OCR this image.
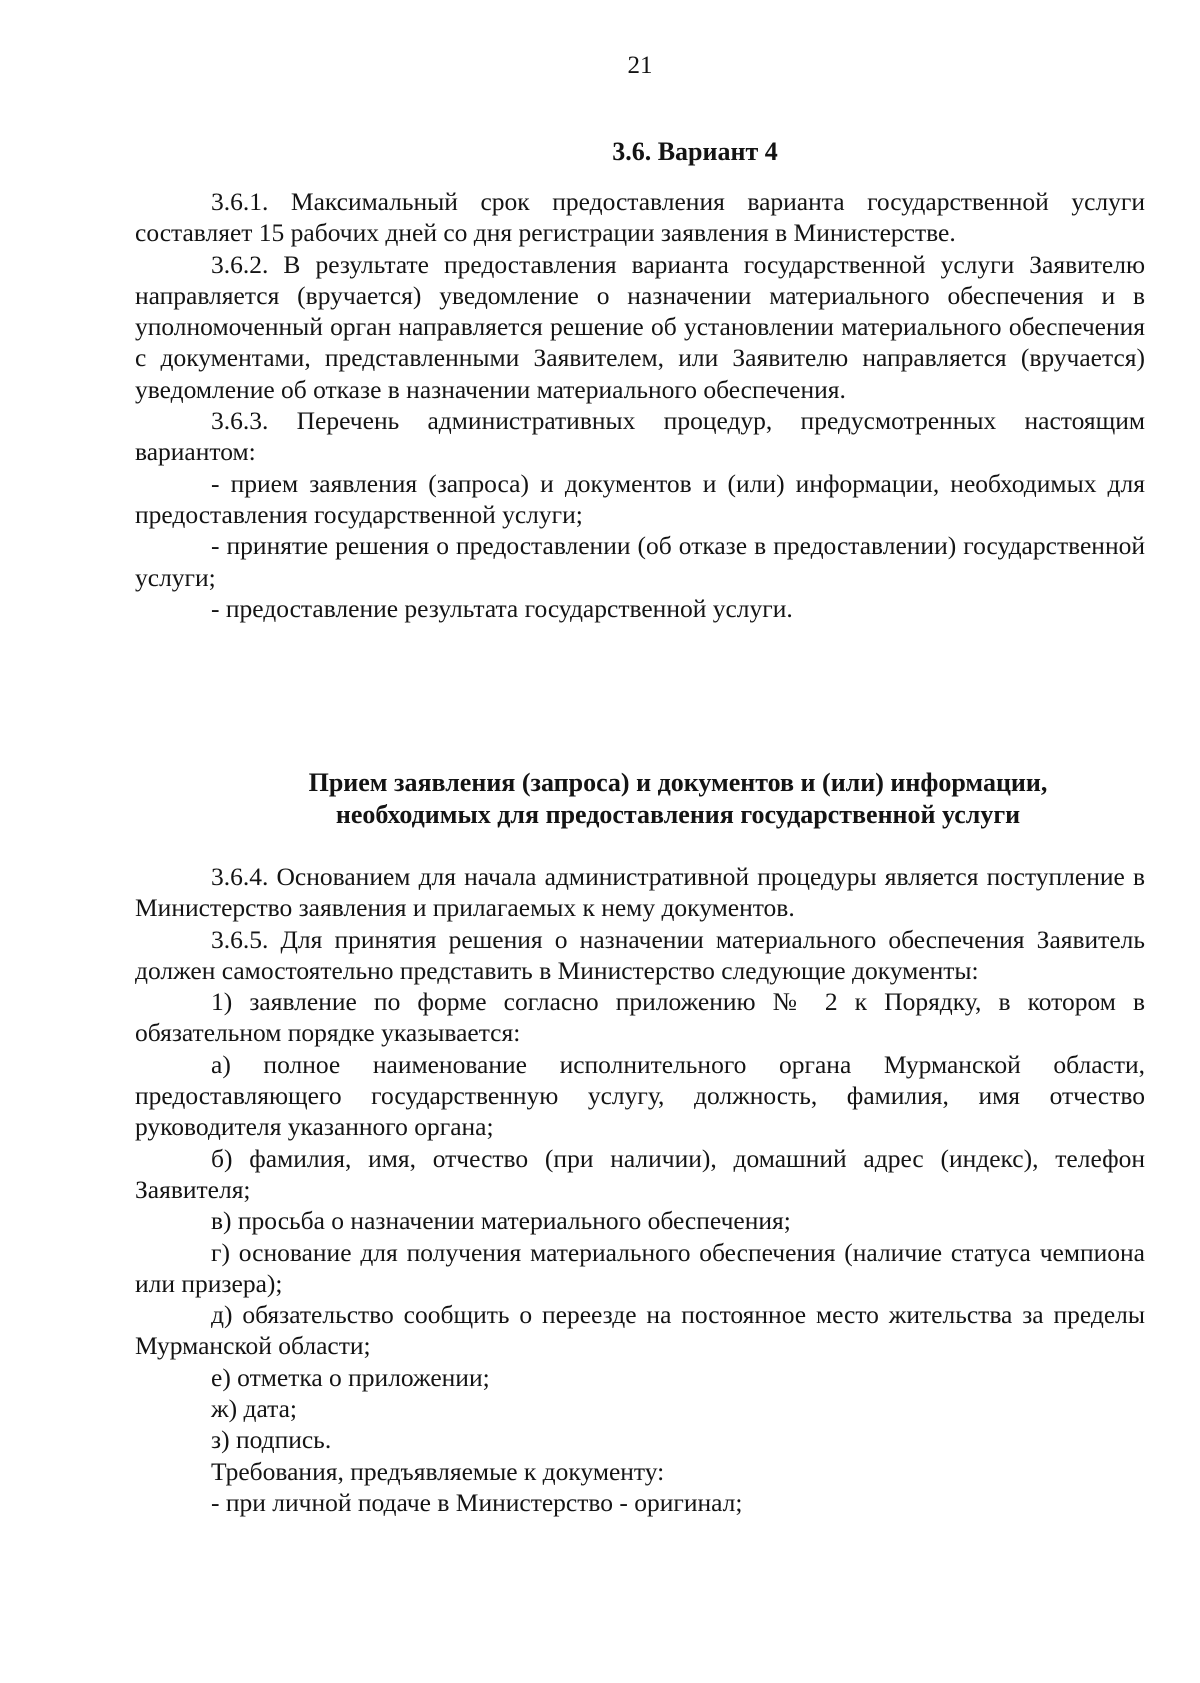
21
3.6. Вариант 4

3.6.1. Максимальный срок предоставления варианта государственной услуги составляет 15 рабочих дней со дня регистрации заявления в Министерстве.

3.6.2. В результате предоставления варианта государственной услуги Заявителю направляется (вручается) уведомление о назначении материального обеспечения и в уполномоченный орган направляется решение об установлении материального обеспечения с документами, представленными Заявителем, или Заявителю направляется (вручается) уведомление об отказе в назначении материального обеспечения.

3.6.3. Перечень административных процедур, предусмотренных настоящим вариантом:

- прием заявления (запроса) и документов и (или) информации, необходимых для предоставления государственной услуги;

- принятие решения о предоставлении (об отказе в предоставлении) государственной услуги;

- предоставление результата государственной услуги.

Прием заявления (запроса) и документов и (или) информации,
необходимых для предоставления государственной услуги

3.6.4. Основанием для начала административной процедуры является поступление в Министерство заявления и прилагаемых к нему документов.

3.6.5. Для принятия решения о назначении материального обеспечения Заявитель должен самостоятельно представить в Министерство следующие документы:

1) заявление по форме согласно приложению № 2 к Порядку, в котором в обязательном порядке указывается:

а) полное наименование исполнительного органа Мурманской области, предоставляющего государственную услугу, должность, фамилия, имя отчество руководителя указанного органа;

б) фамилия, имя, отчество (при наличии), домашний адрес (индекс), телефон Заявителя;

в) просьба о назначении материального обеспечения;

г) основание для получения материального обеспечения (наличие статуса чемпиона или призера);

д) обязательство сообщить о переезде на постоянное место жительства за пределы Мурманской области;

е) отметка о приложении;

ж) дата;

з) подпись.

Требования, предъявляемые к документу:

- при личной подаче в Министерство - оригинал;
